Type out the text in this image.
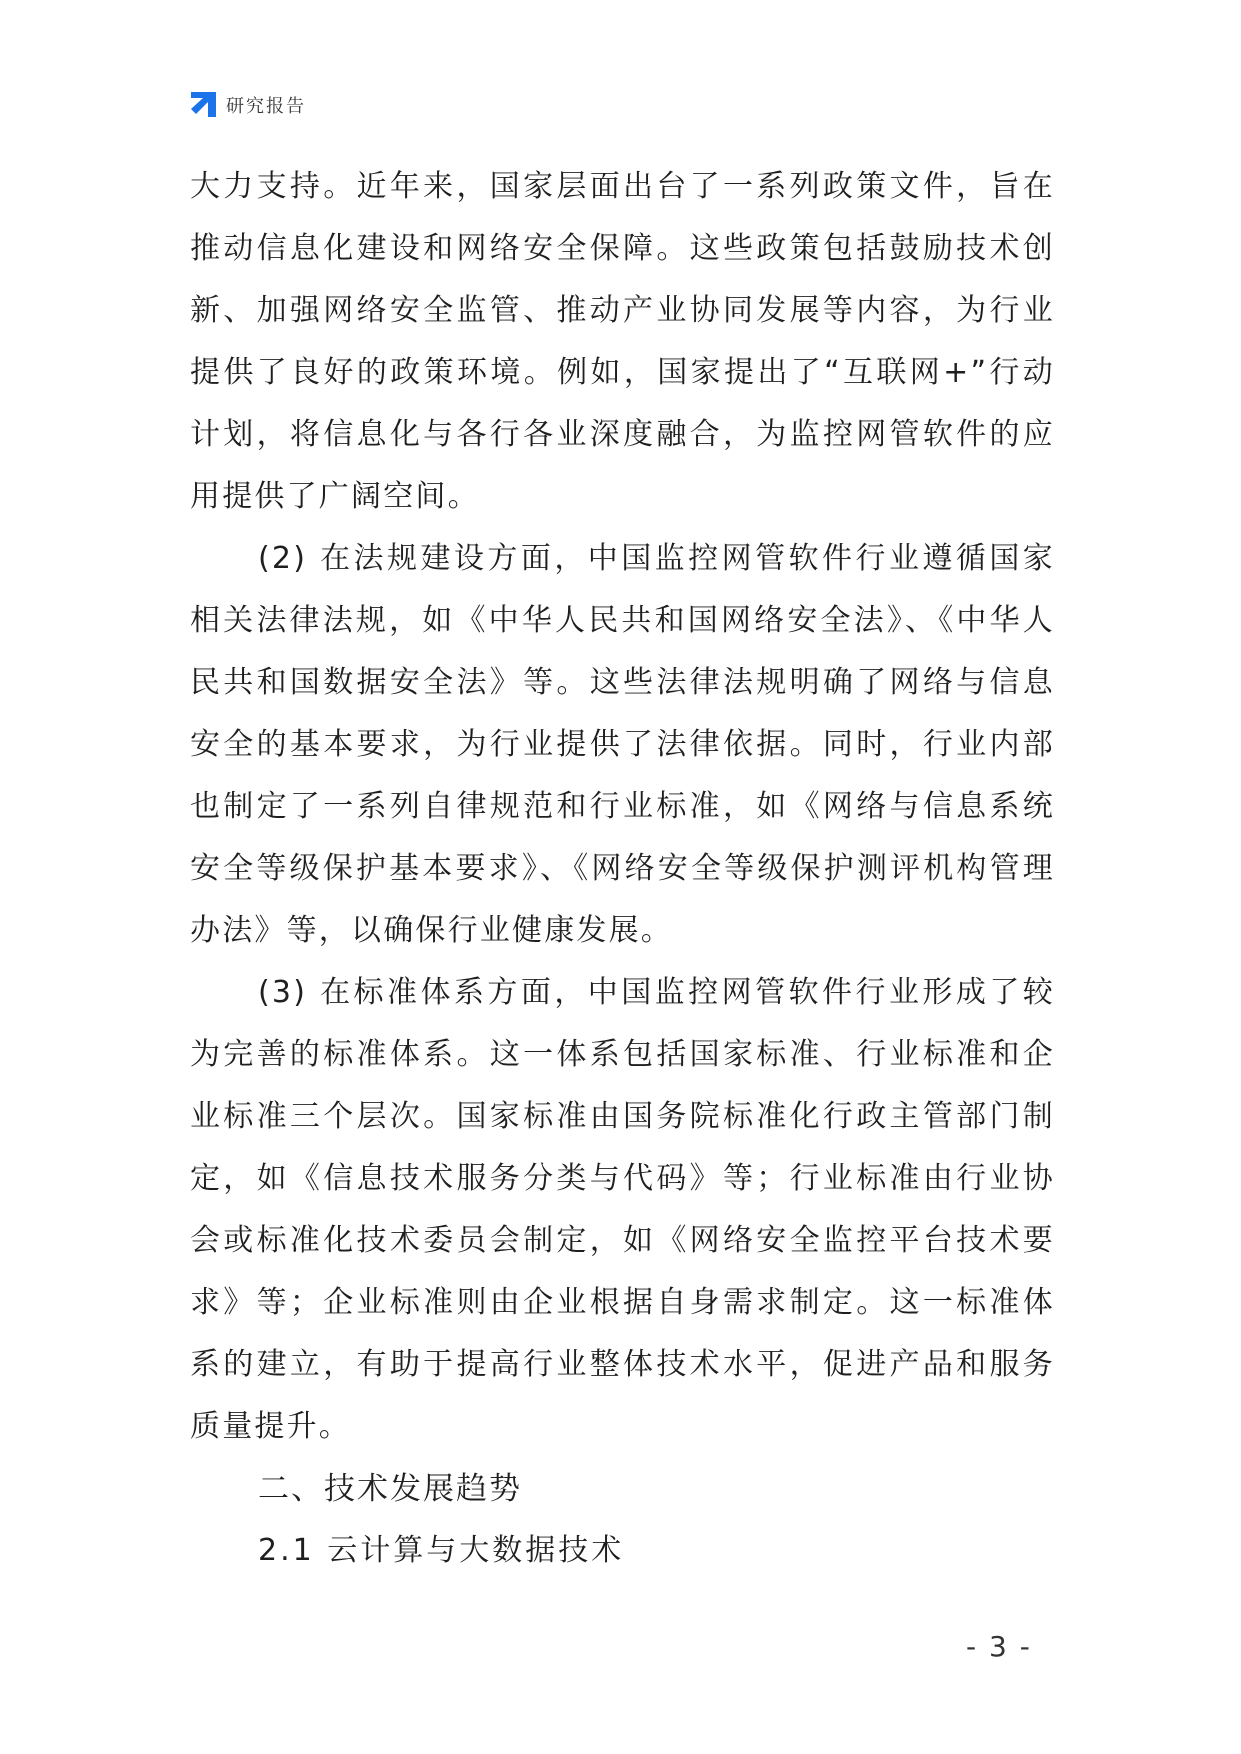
研究报告

大力支持。近年来，国家层面出台了一系列政策文件，旨在推动信息化建设和网络安全保障。这些政策包括鼓励技术创新、加强网络安全监管、推动产业协同发展等内容，为行业提供了良好的政策环境。例如，国家提出了“互联网+”行动计划，将信息化与各行各业深度融合，为监控网管软件的应用提供了广阔空间。

(2) 在法规建设方面，中国监控网管软件行业遵循国家相关法律法规，如《中华人民共和国网络安全法》、《中华人民共和国数据安全法》等。这些法律法规明确了网络与信息安全的基本要求，为行业提供了法律依据。同时，行业内部也制定了一系列自律规范和行业标准，如《网络与信息系统安全等级保护基本要求》、《网络安全等级保护测评机构管理办法》等，以确保行业健康发展。

(3) 在标准体系方面，中国监控网管软件行业形成了较为完善的标准体系。这一体系包括国家标准、行业标准和企业标准三个层次。国家标准由国务院标准化行政主管部门制定，如《信息技术服务分类与代码》等；行业标准由行业协会或标准化技术委员会制定，如《网络安全监控平台技术要求》等；企业标准则由企业根据自身需求制定。这一标准体系的建立，有助于提高行业整体技术水平，促进产品和服务质量提升。

二、技术发展趋势
2.1 云计算与大数据技术
- 3 -
